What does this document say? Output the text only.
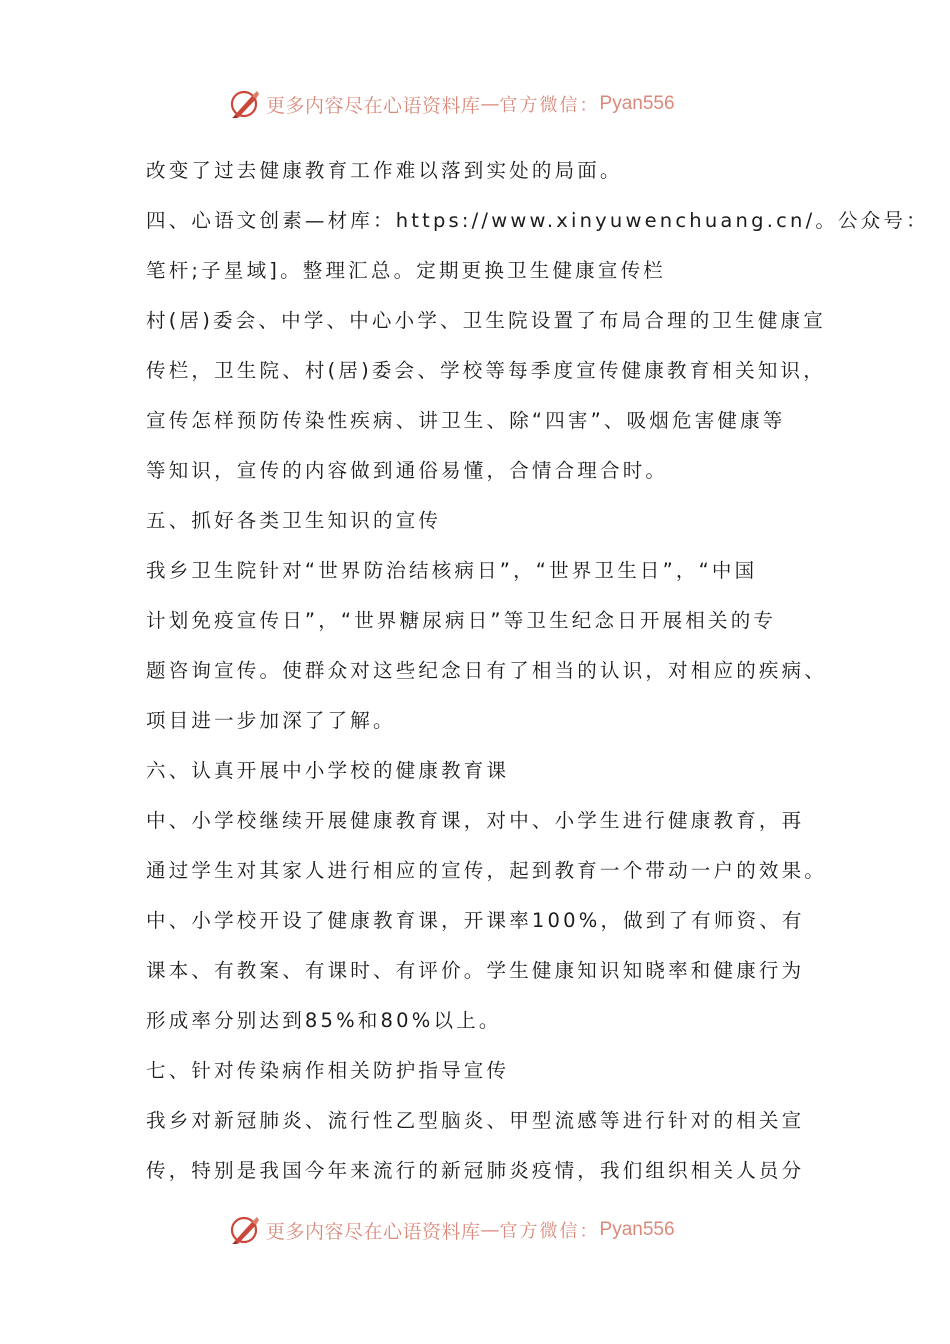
更多内容尽在心语资料库 — 官方微信： Pyan556
改变了过去健康教育工作难以落到实处的局面。
四、心语文创素—材库：https://www.xinyuwenchuang.cn/。公众号：
笔杆;子星域]。整理汇总。定期更换卫生健康宣传栏
村(居)委会、中学、中心小学、卫生院设置了布局合理的卫生健康宣
传栏，卫生院、村(居)委会、学校等每季度宣传健康教育相关知识，
宣传怎样预防传染性疾病、讲卫生、除“四害”、吸烟危害健康等
等知识，宣传的内容做到通俗易懂，合情合理合时。
五、抓好各类卫生知识的宣传
我乡卫生院针对“世界防治结核病日”，“世界卫生日”，“中国
计划免疫宣传日”，“世界糖尿病日”等卫生纪念日开展相关的专
题咨询宣传。使群众对这些纪念日有了相当的认识，对相应的疾病、
项目进一步加深了了解。
六、认真开展中小学校的健康教育课
中、小学校继续开展健康教育课，对中、小学生进行健康教育，再
通过学生对其家人进行相应的宣传，起到教育一个带动一户的效果。
中、小学校开设了健康教育课，开课率100%，做到了有师资、有
课本、有教案、有课时、有评价。学生健康知识知晓率和健康行为
形成率分别达到85%和80%以上。
七、针对传染病作相关防护指导宣传
我乡对新冠肺炎、流行性乙型脑炎、甲型流感等进行针对的相关宣
传，特别是我国今年来流行的新冠肺炎疫情，我们组织相关人员分
更多内容尽在心语资料库 — 官方微信： Pyan556
